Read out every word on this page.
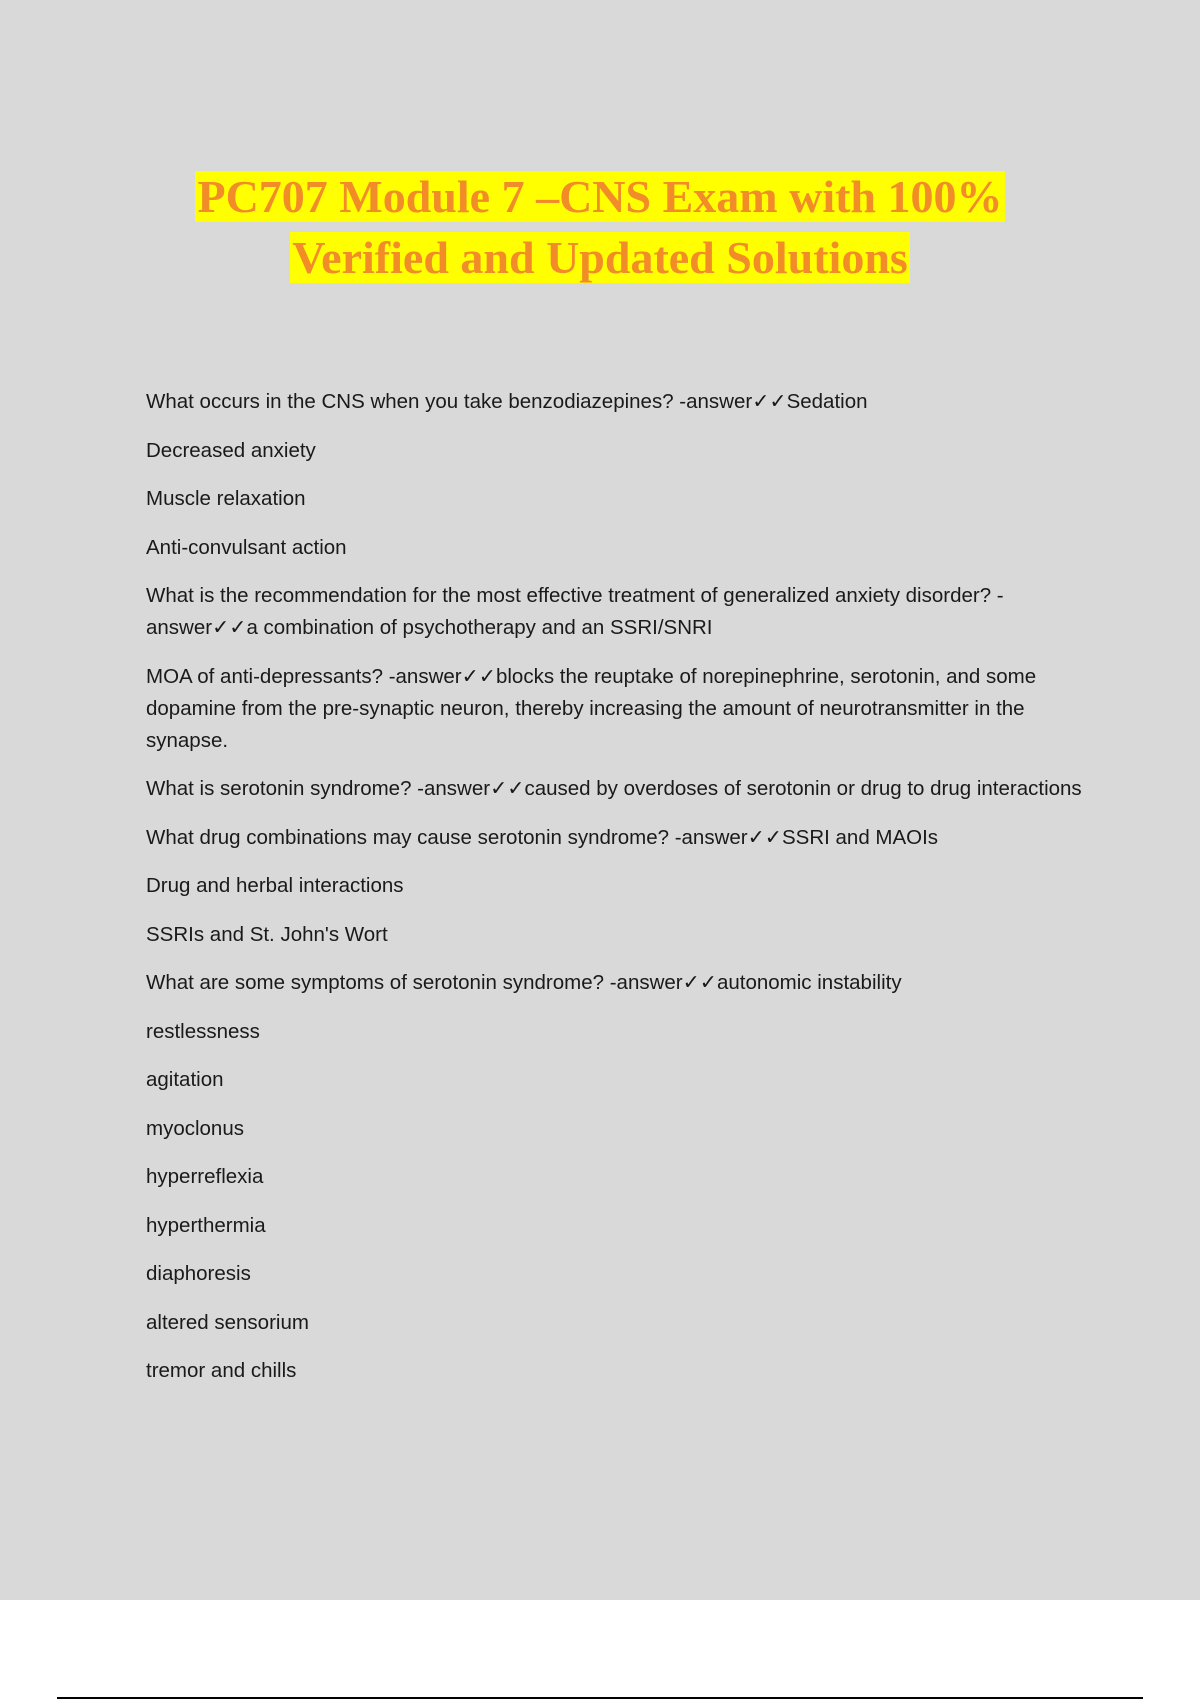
PC707 Module 7 –CNS Exam with 100%
Verified and Updated Solutions

What occurs in the CNS when you take benzodiazepines? -answer✓✓Sedation

Decreased anxiety

Muscle relaxation

Anti-convulsant action

What is the recommendation for the most effective treatment of generalized anxiety disorder? -answer✓✓a combination of psychotherapy and an SSRI/SNRI

MOA of anti-depressants? -answer✓✓blocks the reuptake of norepinephrine, serotonin, and some dopamine from the pre-synaptic neuron, thereby increasing the amount of neurotransmitter in the synapse.

What is serotonin syndrome? -answer✓✓caused by overdoses of serotonin or drug to drug interactions

What drug combinations may cause serotonin syndrome? -answer✓✓SSRI and MAOIs

Drug and herbal interactions

SSRIs and St. John's Wort

What are some symptoms of serotonin syndrome? -answer✓✓autonomic instability

restlessness

agitation

myoclonus

hyperreflexia

hyperthermia

diaphoresis

altered sensorium

tremor and chills
